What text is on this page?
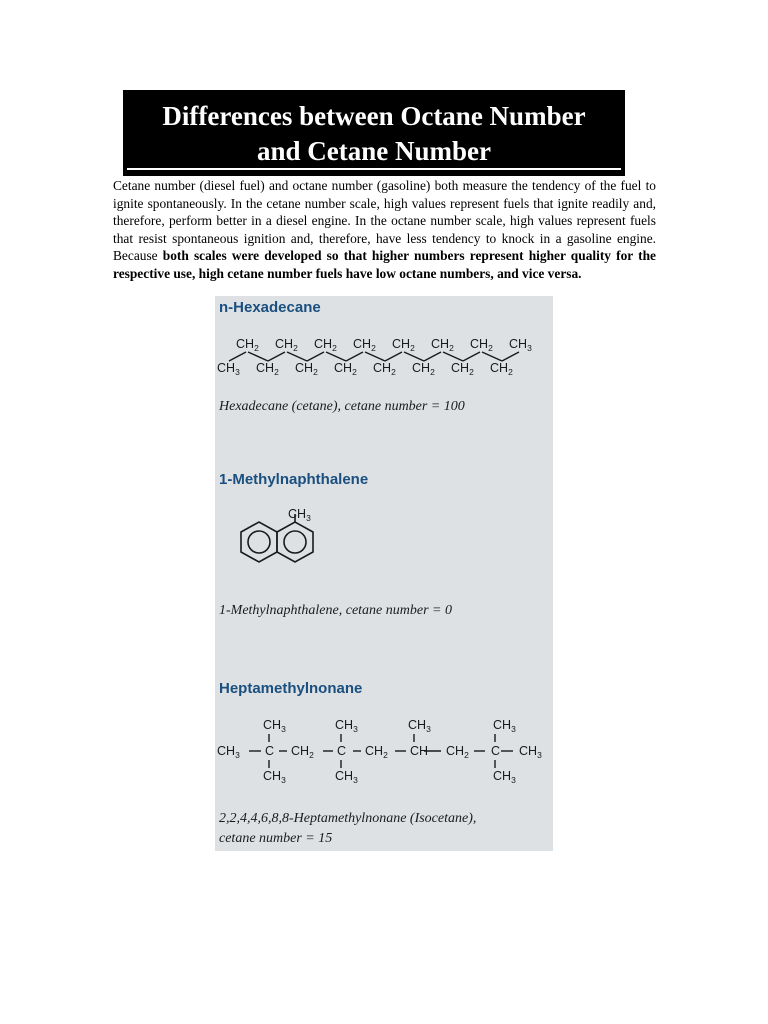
Differences between Octane Number
and Cetane Number

Cetane number (diesel fuel) and octane number (gasoline) both measure the tendency of the fuel to ignite spontaneously. In the cetane number scale, high values represent fuels that ignite readily and, therefore, perform better in a diesel engine. In the octane number scale, high values represent fuels that resist spontaneous ignition and, therefore, have less tendency to knock in a gasoline engine. Because both scales were developed so that higher numbers represent higher quality for the respective use, high cetane number fuels have low octane numbers, and vice versa.

n-Hexadecane
$CH_2$ $CH_2$ $CH_2$ $CH_2$ $CH_2$ $CH_2$ $CH_2$ $CH_3$
$CH_3$ $CH_2$ $CH_2$ $CH_2$ $CH_2$ $CH_2$ $CH_2$ $CH_2$
Hexadecane (cetane), cetane number = 100
1-Methylnaphthalene
$CH_3$
1-Methylnaphthalene, cetane number = 0
Heptamethylnonane
$CH_3$	$CH_3$	$CH_3$	$CH_3$
$CH_3$ C $CH_2$ C $CH_2$ CH $CH_2$ C $CH_3$
$CH_3$	$CH_3$	$CH_3$
2,2,4,4,6,8,8-Heptamethylnonane (Isocetane),
cetane number = 15
